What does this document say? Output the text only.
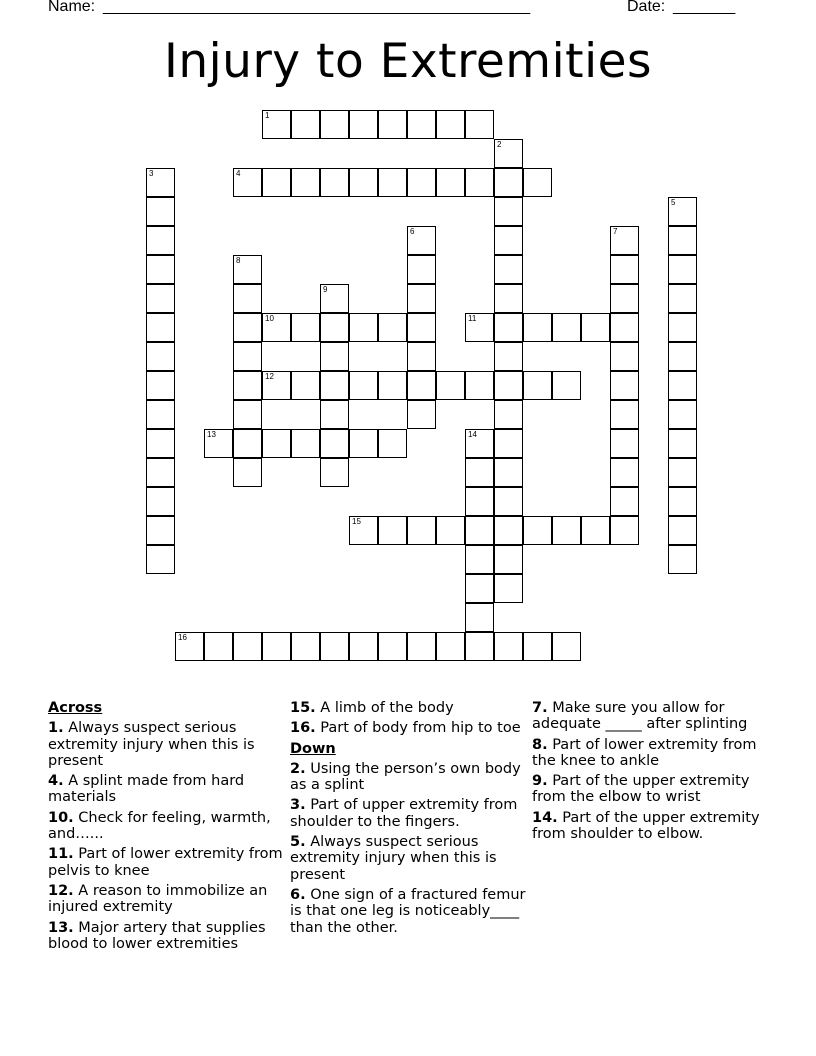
Name: ________________________________________________	Date: _______
Injury to Extremities
1
2
3	4
5
6	7
8
9
10	11
12
13	14
15
16
Across
1. Always suspect serious extremity injury when this is present
4. A splint made from hard materials
10. Check for feeling, warmth, and…...
11. Part of lower extremity from pelvis to knee
12. A reason to immobilize an injured extremity
13. Major artery that supplies blood to lower extremities
15. A limb of the body
16. Part of body from hip to toe
Down
2. Using the person’s own body as a splint
3. Part of upper extremity from shoulder to the fingers.
5. Always suspect serious extremity injury when this is present
6. One sign of a fractured femur is that one leg is noticeably____ than the other.
7. Make sure you allow for adequate _____ after splinting
8. Part of lower extremity from the knee to ankle
9. Part of the upper extremity from the elbow to wrist
14. Part of the upper extremity from shoulder to elbow.
